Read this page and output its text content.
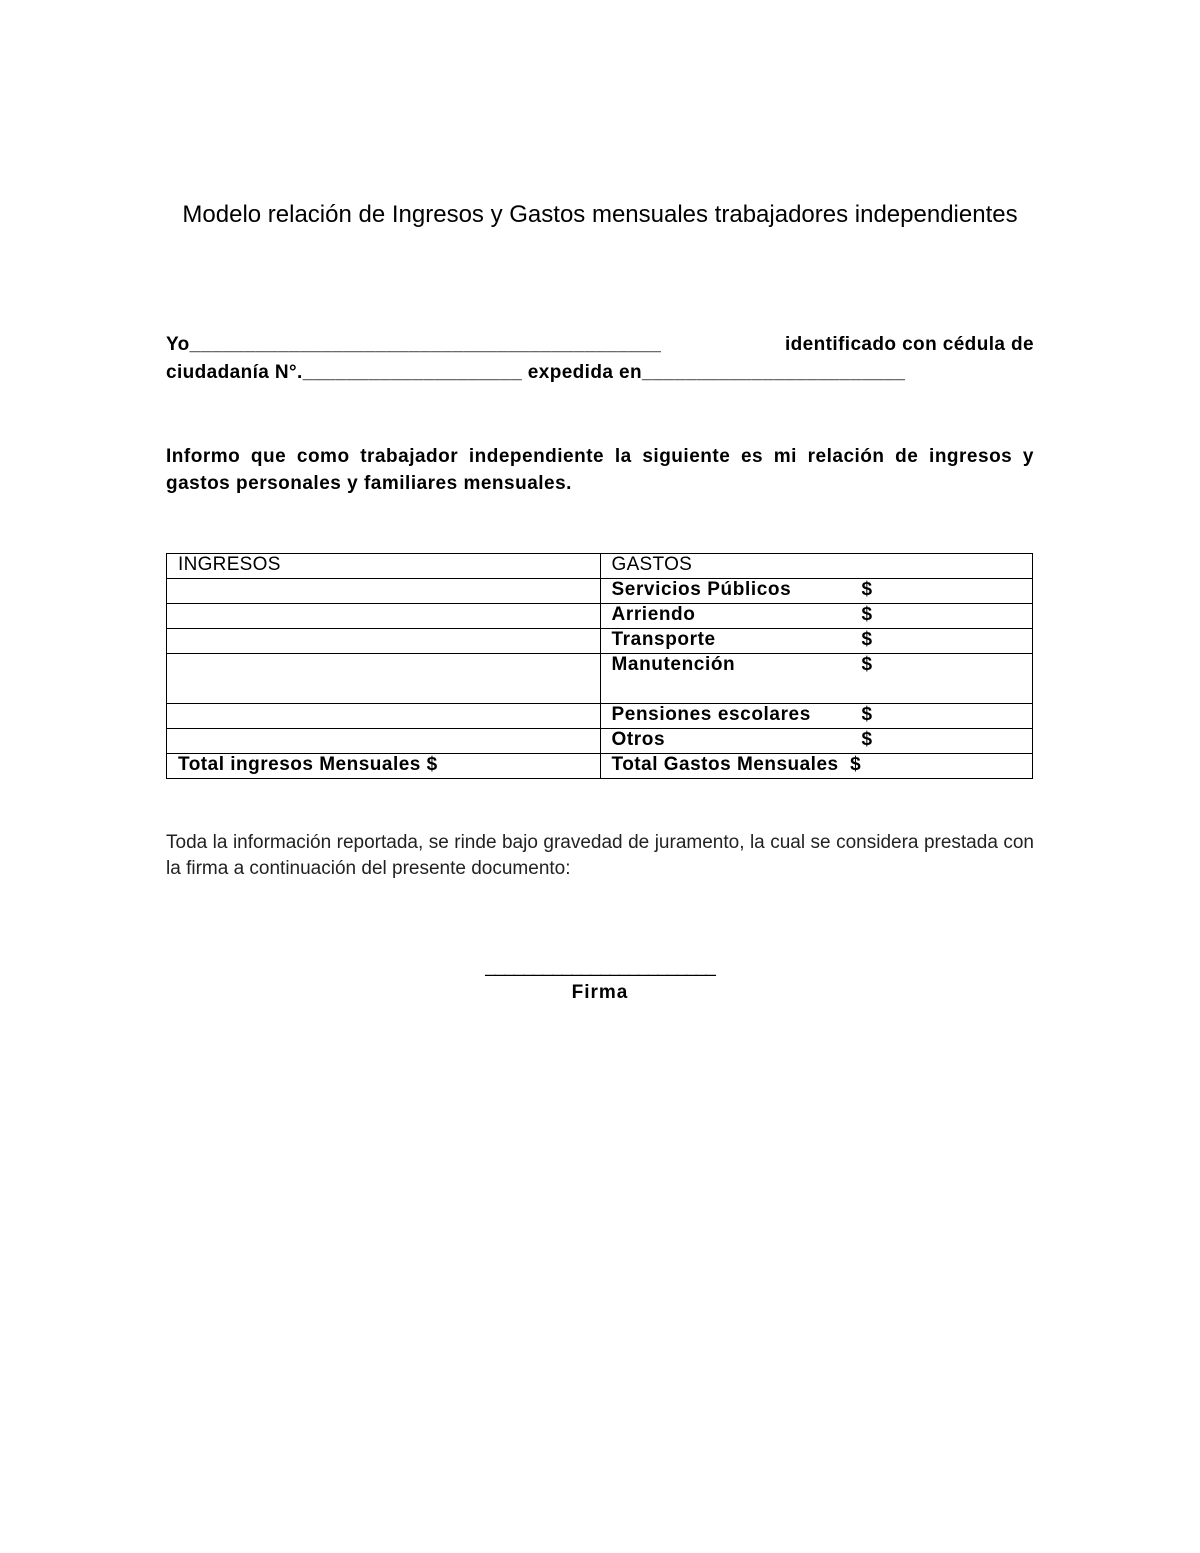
Modelo relación de Ingresos y Gastos mensuales trabajadores independientes
Yo___________________________________________	identificado con cédula de
ciudadanía N°.____________________ expedida en________________________
Informo que como trabajador independiente la siguiente es mi relación de ingresos y gastos personales y familiares mensuales.
INGRESOS	GASTOS
	Servicios Públicos $
	Arriendo $
	Transporte $
	Manutención $
	Pensiones escolares $
	Otros $
Total ingresos Mensuales $	Total Gastos Mensuales  $
Toda la información reportada, se rinde bajo gravedad de juramento, la cual se considera prestada con la firma a continuación del presente documento:
________________________
Firma
